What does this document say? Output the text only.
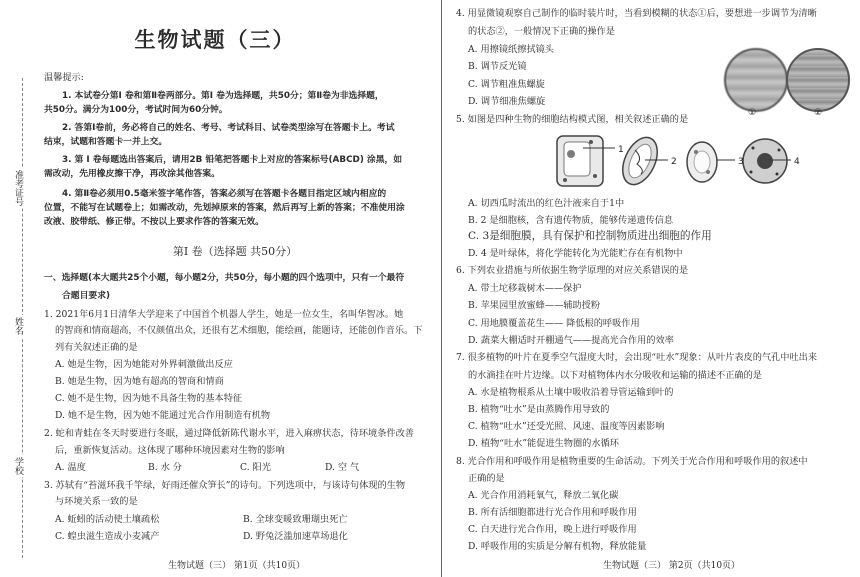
准考证号
姓名
学校
生物试题（三）
温馨提示:
1. 本试卷分第Ⅰ 卷和第Ⅱ卷两部分。第Ⅰ 卷为选择题，共50分；第Ⅱ卷为非选择题，
共50分。满分为100分，考试时间为60分钟。
2. 答第Ⅰ卷前，务必将自己的姓名、考号、考试科目、试卷类型涂写在答题卡上。考试
结束，试题和答题卡一并上交。
3. 第 Ⅰ 卷每题选出答案后，请用2B 铅笔把答题卡上对应的答案标号(ABCD) 涂黑，如
需改动，先用橡皮擦干净，再改涂其他答案。
4. 第Ⅱ卷必须用0.5毫米签字笔作答，答案必须写在答题卡各题目指定区域内相应的
位置，不能写在试题卷上；如需改动，先划掉原来的答案，然后再写上新的答案；不准使用涂
改液、胶带纸、修正带。不按以上要求作答的答案无效。
第Ⅰ 卷（选择题 共50分）
一、选择题(本大题共25个小题，每小题2分，共50分，每小题的四个选项中，只有一个最符
合题目要求)
1. 2021年6月1日清华大学迎来了中国首个机器人学生，她是一位女生，名叫华智冰。她
的智商和情商超高，不仅颜值出众，还很有艺术细胞，能绘画，能题诗，还能创作音乐。下
列有关叙述正确的是
A. 她是生物，因为她能对外界刺激做出反应
B. 她是生物，因为她有超高的智商和情商
C. 她不是生物，因为她不具备生物的基本特征
D. 她不是生物，因为她不能通过光合作用制造有机物
2. 蛇和青蛙在冬天时要进行冬眠，通过降低新陈代谢水平，进入麻痹状态，待环境条件改善
后，重新恢复活动。这体现了哪种环境因素对生物的影响
A. 温度	B. 水 分	C. 阳光	D. 空 气
3. 苏轼有“苔滋环我千竿绿，好雨还催众笋长”的诗句。下列选项中，与该诗句体现的生物
与环境关系一致的是
A. 蚯蚓的活动使土壤疏松	B. 全球变暖致珊瑚虫死亡
C. 蝗虫滋生造成小麦减产	D. 野兔泛滥加速草场退化
生物试题（三） 第1页（共10页）
4. 用显微镜观察自己制作的临时装片时，当看到模糊的状态①后，要想进一步调节为清晰
的状态②，一般情况下正确的操作是
A. 用擦镜纸擦拭镜头
B. 调节反光镜
C. 调节粗准焦螺旋
D. 调节细准焦螺旋
①	②
5. 如图是四种生物的细胞结构模式图，相关叙述正确的是
1
2	3	4
A. 切西瓜时流出的红色汁液来自于1中
B. 2 是细胞核，含有遗传物质，能够传递遗传信息
C. 3是细胞膜，具有保护和控制物质进出细胞的作用
D. 4 是叶绿体，将化学能转化为光能贮存在有机物中
6. 下列农业措施与所依据生物学原理的对应关系错误的是
A. 带土坨移栽树木——保护
B. 苹果园里放蜜蜂——辅助授粉
C. 用地膜覆盖花生—— 降低根的呼吸作用
D. 蔬菜大棚适时开棚通气——提高光合作用的效率
7. 很多植物的叶片在夏季空气湿度大时，会出现“吐水”现象：从叶片表皮的气孔中吐出来
的水滴挂在叶片边缘。以下对植物体内水分吸收和运输的描述不正确的是
A. 水是植物根系从土壤中吸收沿着导管运输到叶的
B. 植物“吐水”是由蒸腾作用导致的
C. 植物“吐水”还受光照、风速、温度等因素影响
D. 植物“吐水”能促进生物圈的水循环
8. 光合作用和呼吸作用是植物重要的生命活动。下列关于光合作用和呼吸作用的叙述中
正确的是
A. 光合作用消耗氧气，释放二氧化碳
B. 所有活细胞都进行光合作用和呼吸作用
C. 白天进行光合作用，晚上进行呼吸作用
D. 呼吸作用的实质是分解有机物，释放能量
生物试题（三） 第2页（共10页）
